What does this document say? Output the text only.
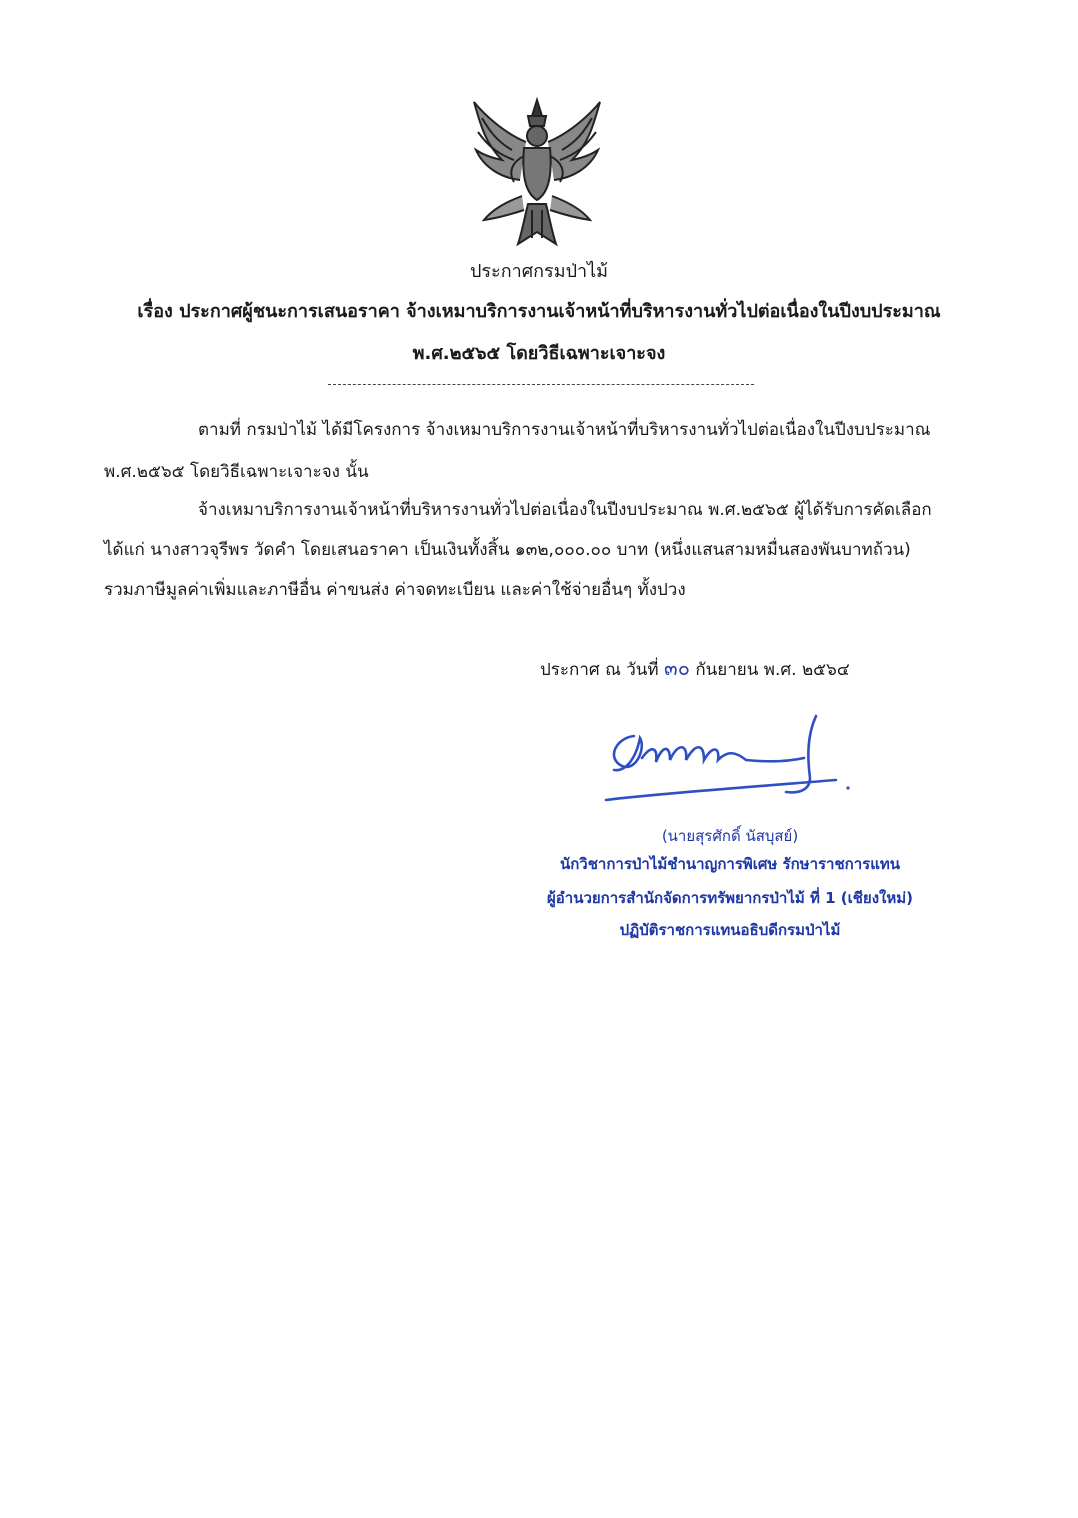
ประกาศกรมป่าไม้
เรื่อง ประกาศผู้ชนะการเสนอราคา จ้างเหมาบริการงานเจ้าหน้าที่บริหารงานทั่วไปต่อเนื่องในปีงบประมาณ
พ.ศ.๒๕๖๕ โดยวิธีเฉพาะเจาะจง
ตามที่ กรมป่าไม้ ได้มีโครงการ จ้างเหมาบริการงานเจ้าหน้าที่บริหารงานทั่วไปต่อเนื่องในปีงบประมาณ
พ.ศ.๒๕๖๕ โดยวิธีเฉพาะเจาะจง นั้น
จ้างเหมาบริการงานเจ้าหน้าที่บริหารงานทั่วไปต่อเนื่องในปีงบประมาณ พ.ศ.๒๕๖๕ ผู้ได้รับการคัดเลือก
ได้แก่ นางสาวจุรีพร วัดคำ โดยเสนอราคา เป็นเงินทั้งสิ้น ๑๓๒,๐๐๐.๐๐ บาท (หนึ่งแสนสามหมื่นสองพันบาทถ้วน)
รวมภาษีมูลค่าเพิ่มและภาษีอื่น ค่าขนส่ง ค่าจดทะเบียน และค่าใช้จ่ายอื่นๆ ทั้งปวง
ประกาศ ณ วันที่ ๓๐ กันยายน พ.ศ. ๒๕๖๔
(นายสุรศักดิ์ นัสบุสย์)
นักวิชาการป่าไม้ชำนาญการพิเศษ รักษาราชการแทน
ผู้อำนวยการสำนักจัดการทรัพยากรป่าไม้ ที่ 1 (เชียงใหม่)
ปฏิบัติราชการแทนอธิบดีกรมป่าไม้
